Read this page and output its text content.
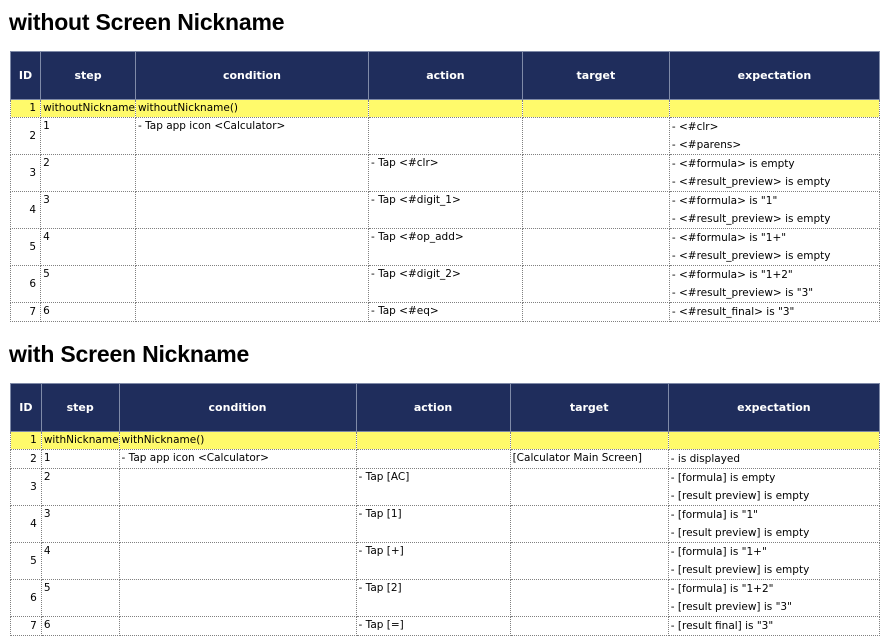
without Screen Nickname
ID	step	condition	action	target	expectation
1	withoutNickname	withoutNickname()			
2	1	- Tap app icon <Calculator>			- <#clr>
- <#parens>

3	2		- Tap <#clr>		- <#formula> is empty
- <#result_preview> is empty

4	3		- Tap <#digit_1>		- <#formula> is "1"
- <#result_preview> is empty

5	4		- Tap <#op_add>		- <#formula> is "1+"
- <#result_preview> is empty

6	5		- Tap <#digit_2>		- <#formula> is "1+2"
- <#result_preview> is "3"

7	6		- Tap <#eq>		- <#result_final> is "3"
with Screen Nickname
ID	step	condition	action	target	expectation
1	withNickname	withNickname()			
2	1	- Tap app icon <Calculator>		[Calculator Main Screen]	- is displayed

3	2		- Tap [AC]		- [formula] is empty
- [result preview] is empty

4	3		- Tap [1]		- [formula] is "1"
- [result preview] is empty

5	4		- Tap [+]		- [formula] is "1+"
- [result preview] is empty

6	5		- Tap [2]		- [formula] is "1+2"
- [result preview] is "3"

7	6		- Tap [=]		- [result final] is "3"
